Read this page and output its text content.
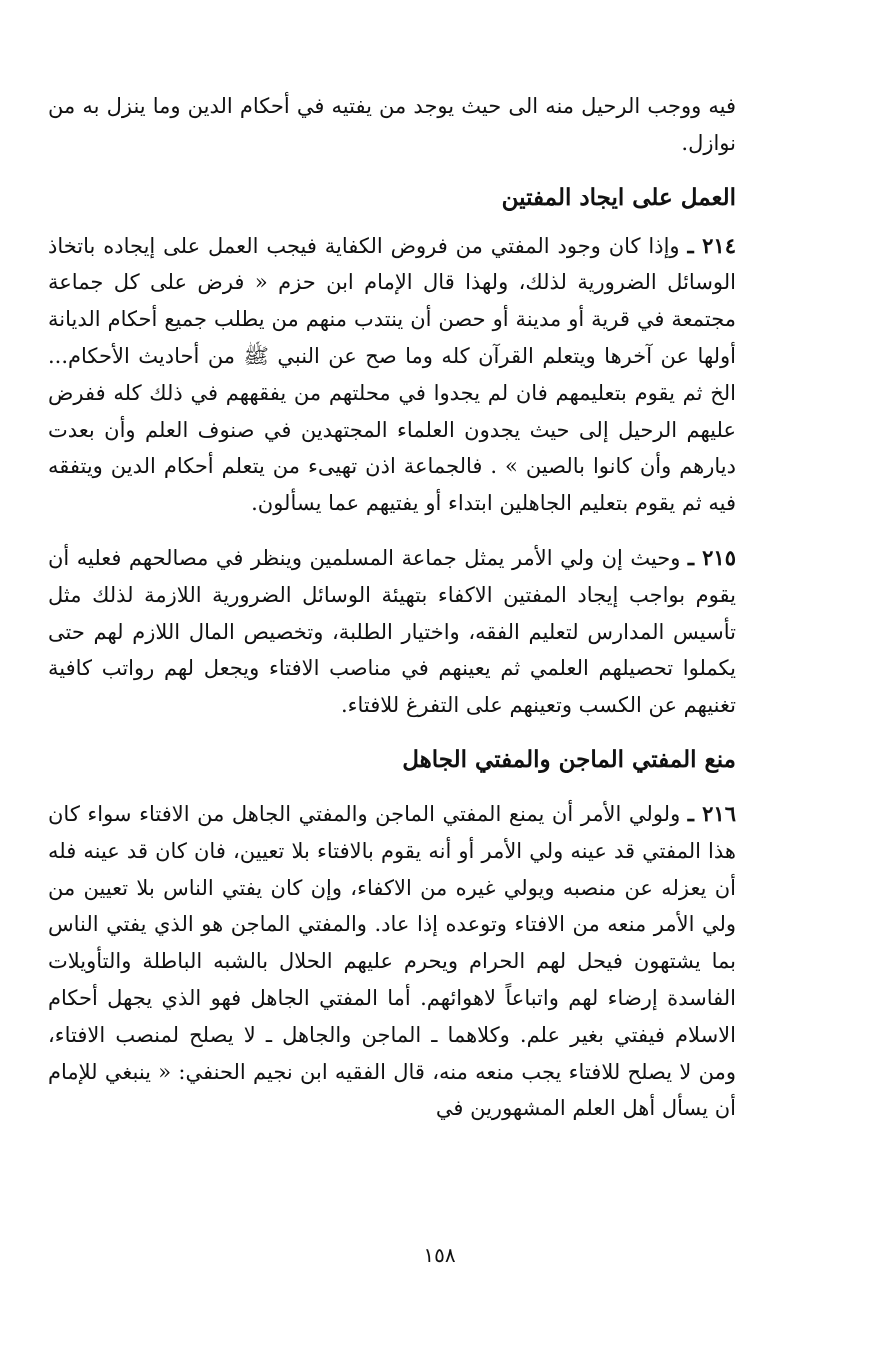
فيه ووجب الرحيل منه الى حيث يوجد من يفتيه في أحكام الدين وما ينزل به من نوازل.

العمل على ايجاد المفتين

٢١٤ ـ وإذا كان وجود المفتي من فروض الكفاية فيجب العمل على إيجاده باتخاذ الوسائل الضرورية لذلك، ولهذا قال الإمام ابن حزم « فرض على كل جماعة مجتمعة في قرية أو مدينة أو حصن أن ينتدب منهم من يطلب جميع أحكام الديانة أولها عن آخرها ويتعلم القرآن كله وما صح عن النبي ﷺ من أحاديث الأحكام... الخ ثم يقوم بتعليمهم فان لم يجدوا في محلتهم من يفقههم في ذلك كله ففرض عليهم الرحيل إلى حيث يجدون العلماء المجتهدين في صنوف العلم وأن بعدت ديارهم وأن كانوا بالصين » . فالجماعة اذن تهيىء من يتعلم أحكام الدين ويتفقه فيه ثم يقوم بتعليم الجاهلين ابتداء أو يفتيهم عما يسألون.

٢١٥ ـ وحيث إن ولي الأمر يمثل جماعة المسلمين وينظر في مصالحهم فعليه أن يقوم بواجب إيجاد المفتين الاكفاء بتهيئة الوسائل الضرورية اللازمة لذلك مثل تأسيس المدارس لتعليم الفقه، واختيار الطلبة، وتخصيص المال اللازم لهم حتى يكملوا تحصيلهم العلمي ثم يعينهم في مناصب الافتاء ويجعل لهم رواتب كافية تغنيهم عن الكسب وتعينهم على التفرغ للافتاء.

منع المفتي الماجن والمفتي الجاهل

٢١٦ ـ ولولي الأمر أن يمنع المفتي الماجن والمفتي الجاهل من الافتاء سواء كان هذا المفتي قد عينه ولي الأمر أو أنه يقوم بالافتاء بلا تعيين، فان كان قد عينه فله أن يعزله عن منصبه ويولي غيره من الاكفاء، وإن كان يفتي الناس بلا تعيين من ولي الأمر منعه من الافتاء وتوعده إذا عاد. والمفتي الماجن هو الذي يفتي الناس بما يشتهون فيحل لهم الحرام ويحرم عليهم الحلال بالشبه الباطلة والتأويلات الفاسدة إرضاء لهم واتباعاً لاهوائهم. أما المفتي الجاهل فهو الذي يجهل أحكام الاسلام فيفتي بغير علم. وكلاهما ـ الماجن والجاهل ـ لا يصلح لمنصب الافتاء، ومن لا يصلح للافتاء يجب منعه منه، قال الفقيه ابن نجيم الحنفي: « ينبغي للإمام أن يسأل أهل العلم المشهورين في

١٥٨
